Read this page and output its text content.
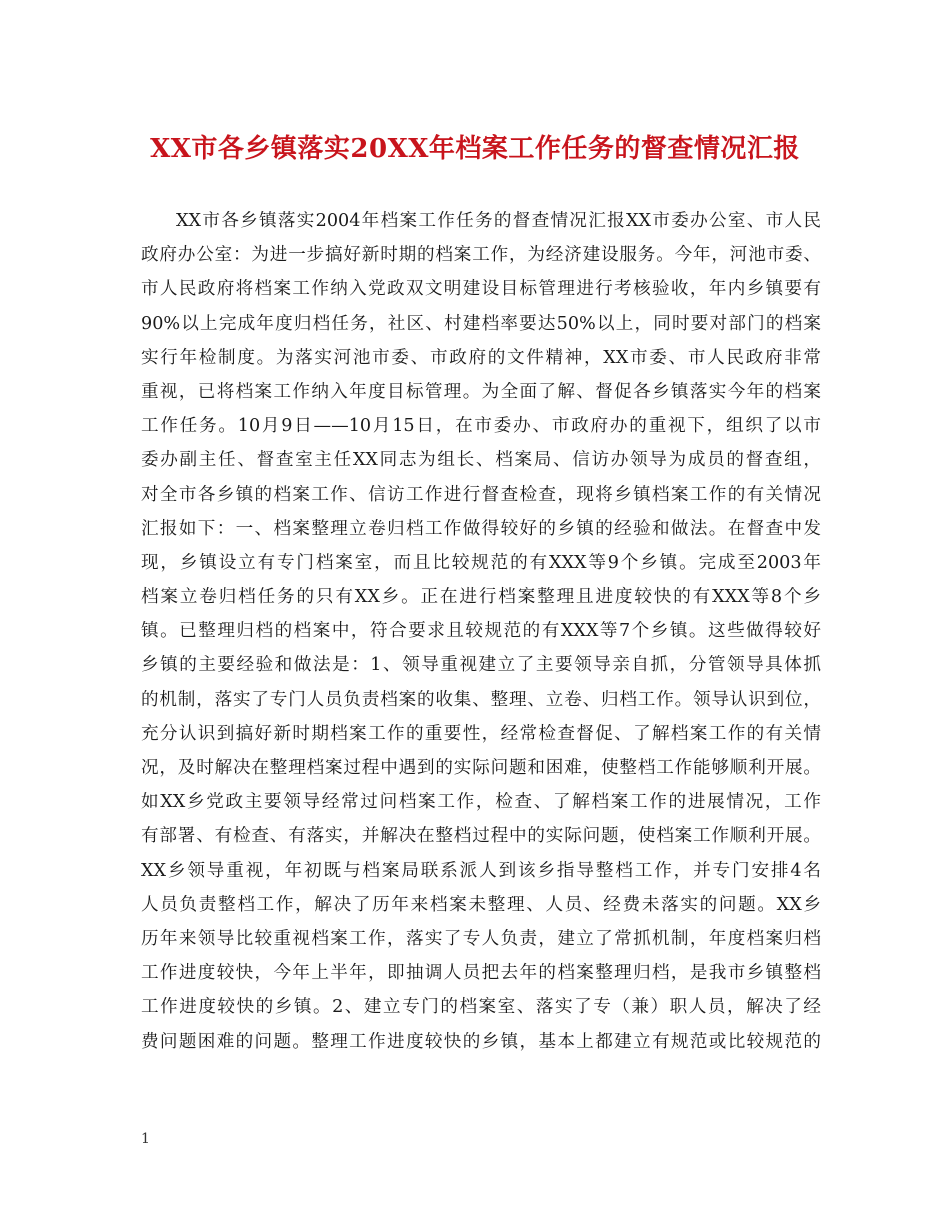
XX市各乡镇落实20XX年档案工作任务的督查情况汇报
XX市各乡镇落实2004年档案工作任务的督查情况汇报XX市委办公室、市人民
政府办公室：为进一步搞好新时期的档案工作，为经济建设服务。今年，河池市委、
市人民政府将档案工作纳入党政双文明建设目标管理进行考核验收，年内乡镇要有
90%以上完成年度归档任务，社区、村建档率要达50%以上，同时要对部门的档案
实行年检制度。为落实河池市委、市政府的文件精神，XX市委、市人民政府非常
重视，已将档案工作纳入年度目标管理。为全面了解、督促各乡镇落实今年的档案
工作任务。10月9日——10月15日，在市委办、市政府办的重视下，组织了以市
委办副主任、督查室主任XX同志为组长、档案局、信访办领导为成员的督查组，
对全市各乡镇的档案工作、信访工作进行督查检查，现将乡镇档案工作的有关情况
汇报如下：一、档案整理立卷归档工作做得较好的乡镇的经验和做法。在督查中发
现，乡镇设立有专门档案室，而且比较规范的有XXX等9个乡镇。完成至2003年
档案立卷归档任务的只有XX乡。正在进行档案整理且进度较快的有XXX等8个乡
镇。已整理归档的档案中，符合要求且较规范的有XXX等7个乡镇。这些做得较好
乡镇的主要经验和做法是：1、领导重视建立了主要领导亲自抓，分管领导具体抓
的机制，落实了专门人员负责档案的收集、整理、立卷、归档工作。领导认识到位，
充分认识到搞好新时期档案工作的重要性，经常检查督促、了解档案工作的有关情
况，及时解决在整理档案过程中遇到的实际问题和困难，使整档工作能够顺利开展。
如XX乡党政主要领导经常过问档案工作，检查、了解档案工作的进展情况，工作
有部署、有检查、有落实，并解决在整档过程中的实际问题，使档案工作顺利开展。
XX乡领导重视，年初既与档案局联系派人到该乡指导整档工作，并专门安排4名
人员负责整档工作，解决了历年来档案未整理、人员、经费未落实的问题。XX乡
历年来领导比较重视档案工作，落实了专人负责，建立了常抓机制，年度档案归档
工作进度较快，今年上半年，即抽调人员把去年的档案整理归档，是我市乡镇整档
工作进度较快的乡镇。2、建立专门的档案室、落实了专（兼）职人员，解决了经
费问题困难的问题。整理工作进度较快的乡镇，基本上都建立有规范或比较规范的
1
